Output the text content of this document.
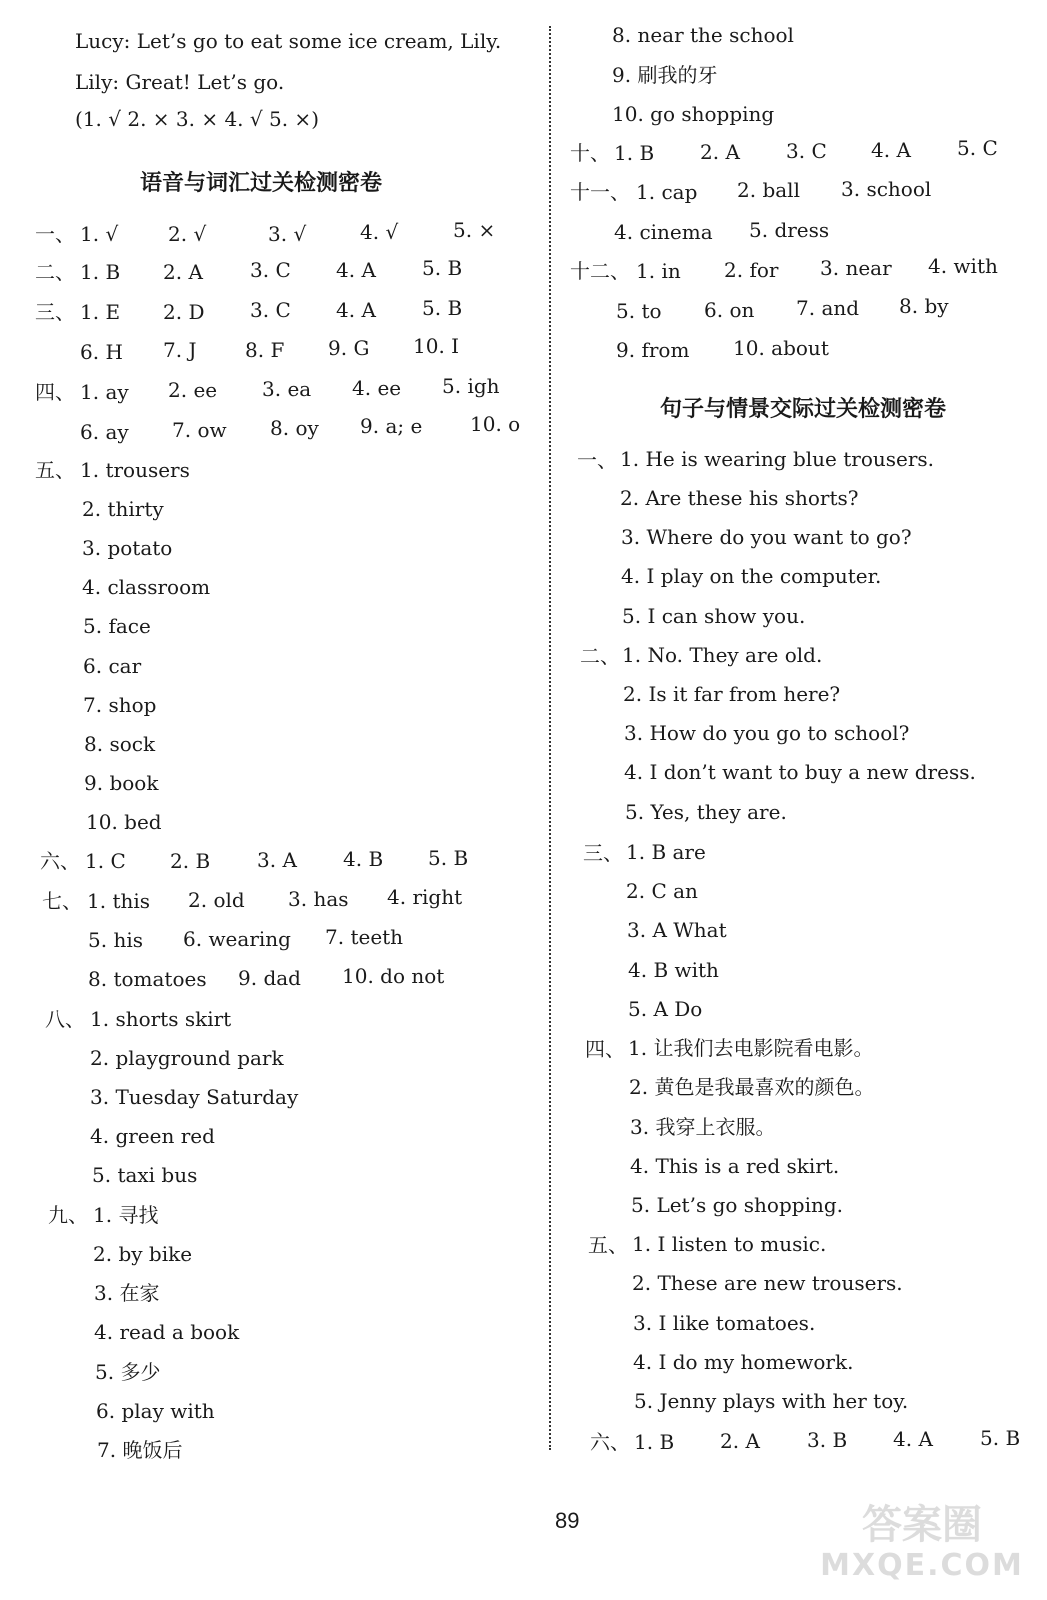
Lucy: Let’s go to eat some ice cream, Lily.
Lily: Great! Let’s go.
(1. √ 2. × 3. × 4. √ 5. ×)
语音与词汇过关检测密卷
一、 1. √ 2. √	3. √	4. √	5. ×
二、 1. B 2. A 3. C 4. A 5. B
三、 1. E 2. D 3. C 4. A 5. B
6. H 7. J 8. F 9. G 10. I
四、 1. ay 2. ee 3. ea 4. ee 5. igh
6. ay 7. ow 8. oy 9. a; e 10. o
五、 1. trousers
2. thirty
3. potato
4. classroom
5. face
6. car
7. shop
8. sock
9. book
10. bed
六、 1. C 2. B 3. A 4. B 5. B
七、 1. this 2. old 3. has 4. right
5. his 6. wearing 7. teeth
8. tomatoes 9. dad 10. do not
八、 1. shorts skirt
2. playground park
3. Tuesday Saturday
4. green red
5. taxi bus
九、 1. 寻找
2. by bike
3. 在家
4. read a book
5. 多少
6. play with
7. 晚饭后
8. near the school
9. 刷我的牙
10. go shopping
十、 1. B 2. A 3. C 4. A 5. C
十一、 1. cap 2. ball 3. school
4. cinema 5. dress
十二、 1. in 2. for 3. near 4. with
5. to 6. on 7. and 8. by
9. from 10. about
句子与情景交际过关检测密卷
一、 1. He is wearing blue trousers.
2. Are these his shorts?
3. Where do you want to go?
4. I play on the computer.
5. I can show you.
二、 1. No. They are old.
2. Is it far from here?
3. How do you go to school?
4. I don’t want to buy a new dress.
5. Yes, they are.
三、 1. B are
2. C an
3. A What
4. B with
5. A Do
四、 1. 让我们去电影院看电影。
2. 黄色是我最喜欢的颜色。
3. 我穿上衣服。
4. This is a red skirt.
5. Let’s go shopping.
五、 1. I listen to music.
2. These are new trousers.
3. I like tomatoes.
4. I do my homework.
5. Jenny plays with her toy.
六、 1. B 2. A 3. B 4. A 5. B
89	答案圈
MXQE.COM
